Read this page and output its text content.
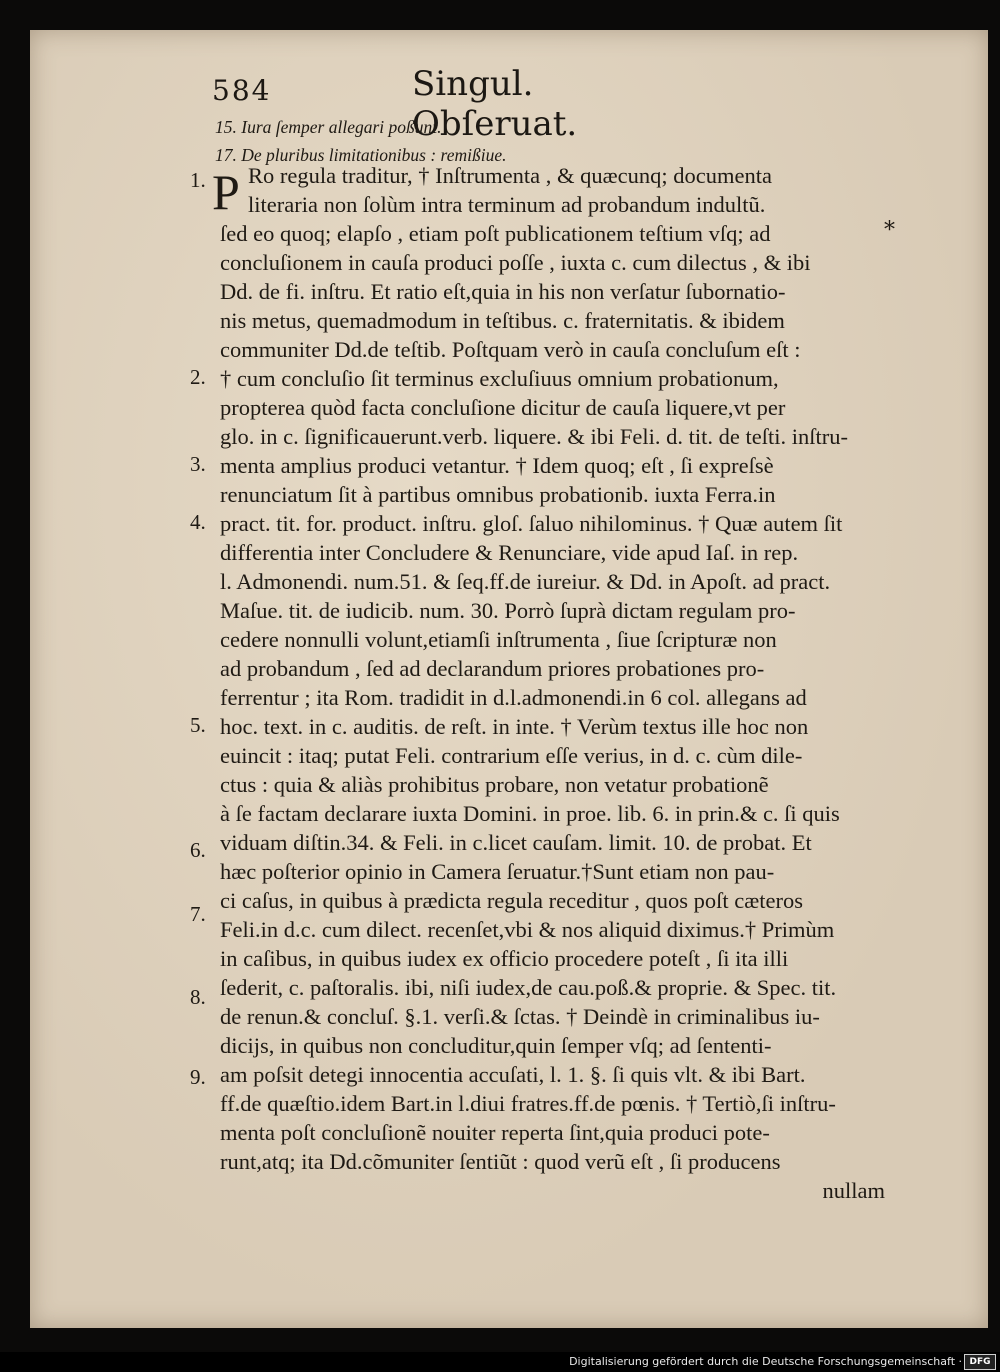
584	Singul. Obſeruat.
15. Iura ſemper allegari poßunt.
17. De pluribus limitationibus : remißiue.
P Ro regula traditur, † Inſtrumenta , & quæcunq; documenta
literaria non ſolùm intra terminum ad probandum indultũ.
ſed eo quoq; elapſo , etiam poſt publicationem teſtium vſq; ad
concluſionem in cauſa produci poſſe , iuxta c. cum dilectus , & ibi
Dd. de fi. inſtru. Et ratio eſt,quia in his non verſatur ſubornatio-
nis metus, quemadmodum in teſtibus. c. fraternitatis. & ibidem
communiter Dd.de teſtib. Poſtquam verò in cauſa concluſum eſt :
† cum concluſio ſit terminus excluſiuus omnium probationum,
propterea quòd facta concluſione dicitur de cauſa liquere,vt per
glo. in c. ſignificauerunt.verb. liquere. & ibi Feli. d. tit. de teſti. inſtru-
menta amplius produci vetantur. † Idem quoq; eſt , ſi expreſsè
renunciatum ſit à partibus omnibus probationib. iuxta Ferra.in
pract. tit. for. product. inſtru. gloſ. ſaluo nihilominus. † Quæ autem ſit
differentia inter Concludere & Renunciare, vide apud Iaſ. in rep.
l. Admonendi. num.51. & ſeq.ff.de iureiur. & Dd. in Apoſt. ad pract.
Maſue. tit. de iudicib. num. 30. Porrò ſuprà dictam regulam pro-
cedere nonnulli volunt,etiamſi inſtrumenta , ſiue ſcripturæ non
ad probandum , ſed ad declarandum priores probationes pro-
ferrentur ; ita Rom. tradidit in d.l.admonendi.in 6 col. allegans ad
hoc. text. in c. auditis. de reſt. in inte. † Verùm textus ille hoc non
euincit : itaq; putat Feli. contrarium eſſe verius, in d. c. cùm dile-
ctus : quia & aliàs prohibitus probare, non vetatur probationẽ
à ſe factam declarare iuxta Domini. in proe. lib. 6. in prin.& c. ſi quis
viduam diſtin.34. & Feli. in c.licet cauſam. limit. 10. de probat. Et
hæc poſterior opinio in Camera ſeruatur.†Sunt etiam non pau-
ci caſus, in quibus à prædicta regula receditur , quos poſt cæteros
Feli.in d.c. cum dilect. recenſet,vbi & nos aliquid diximus.† Primùm
in caſibus, in quibus iudex ex officio procedere poteſt , ſi ita illi
ſederit, c. paſtoralis. ibi, niſi iudex,de cau.poß.& proprie. & Spec. tit.
de renun.& concluſ. §.1. verſi.& ſctas. † Deindè in criminalibus iu-
dicijs, in quibus non concluditur,quin ſemper vſq; ad ſententi-
am poſsit detegi innocentia accuſati, l. 1. §. ſi quis vlt. & ibi Bart.
ff.de quæſtio.idem Bart.in l.diui fratres.ff.de pœnis. † Tertiò,ſi inſtru-
menta poſt concluſionẽ nouiter reperta ſint,quia produci pote-
runt,atq; ita Dd.cõmuniter ſentiũt : quod verũ eſt , ſi producens
nullam
1.
2.
3.
4.
5.
6.
7.
8.
9.
*
Digitalisierung gefördert durch die Deutsche Forschungsgemeinschaft · DFG
